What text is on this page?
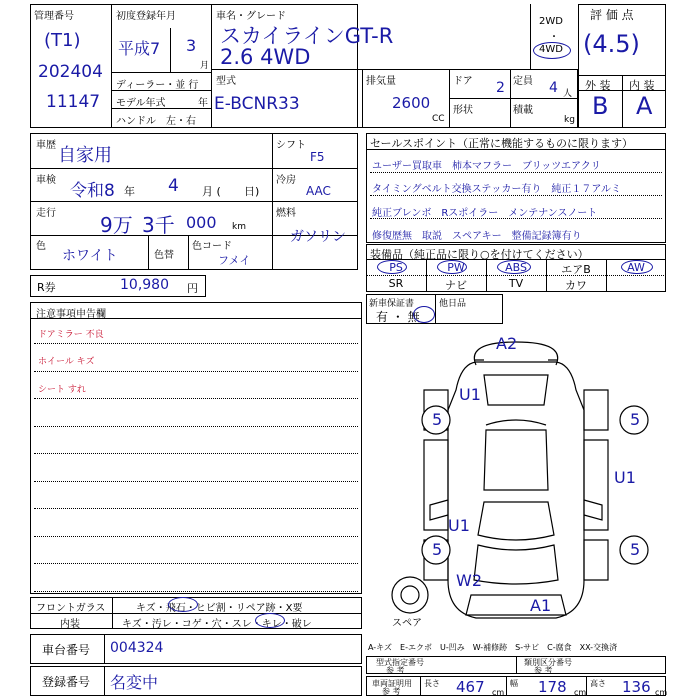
管理番号
(T1)
202404
11147
初度登録年月
平成7 3
月
ディーラー・並 行
モデル年式	年
ハンドル　左・右
車名・グレード
スカイラインGT-R
2.6 4WD
2WD
・
4WD
型式
E-BCNR33
排気量
2600
CC
ドア 2 定員 4 人
形状	積載
kg
評 価 点
(4.5)
外 装 内 装
B A
車歴 自家用
車検
令和8 年 4 月 ( 日)
走行 9万 3千 000 km
色
ホワイト	色替
色コード
フメイ
シフト
F5
冷房
AAC
燃料
ガソリン
R券	10,980 円
セールスポイント（正常に機能するものに限ります）
ユーザー買取車　柿本マフラー　ブリッツエアクリ
タイミングベルト交換ステッカー有り　純正１７アルミ
純正ブレンボ　Rスポイラー　メンテナンスノート
修復歴無　取説　スペアキー　整備記録簿有り
装備品（純正品に限り○を付けてください）
PS	PW	ABS	エアB	AW
SR	ナビ	TV	カワ
新車保証書
有 ・ 無
他日品
注意事項申告欄
ドアミラー 不良
ホイール キズ
シート すれ
フロントガラス	キズ・飛石・ヒビ割・リペア跡・X要
内装	キズ・汚レ・コゲ・穴・スレ・キレ・破レ
車台番号 004324
登録番号 名変中
A2
U1
5	5
U1
U1
5	5
W2
A1
スペア
A-キズ　E-エクボ　U-凹み　W-補修跡　S-サビ　C-腐食　XX-交換済
型式指定番号
参 考
類別区分番号
参 考
車両証明用
参 考
長さ 467 cm
幅 178 cm
高さ 136 cm
